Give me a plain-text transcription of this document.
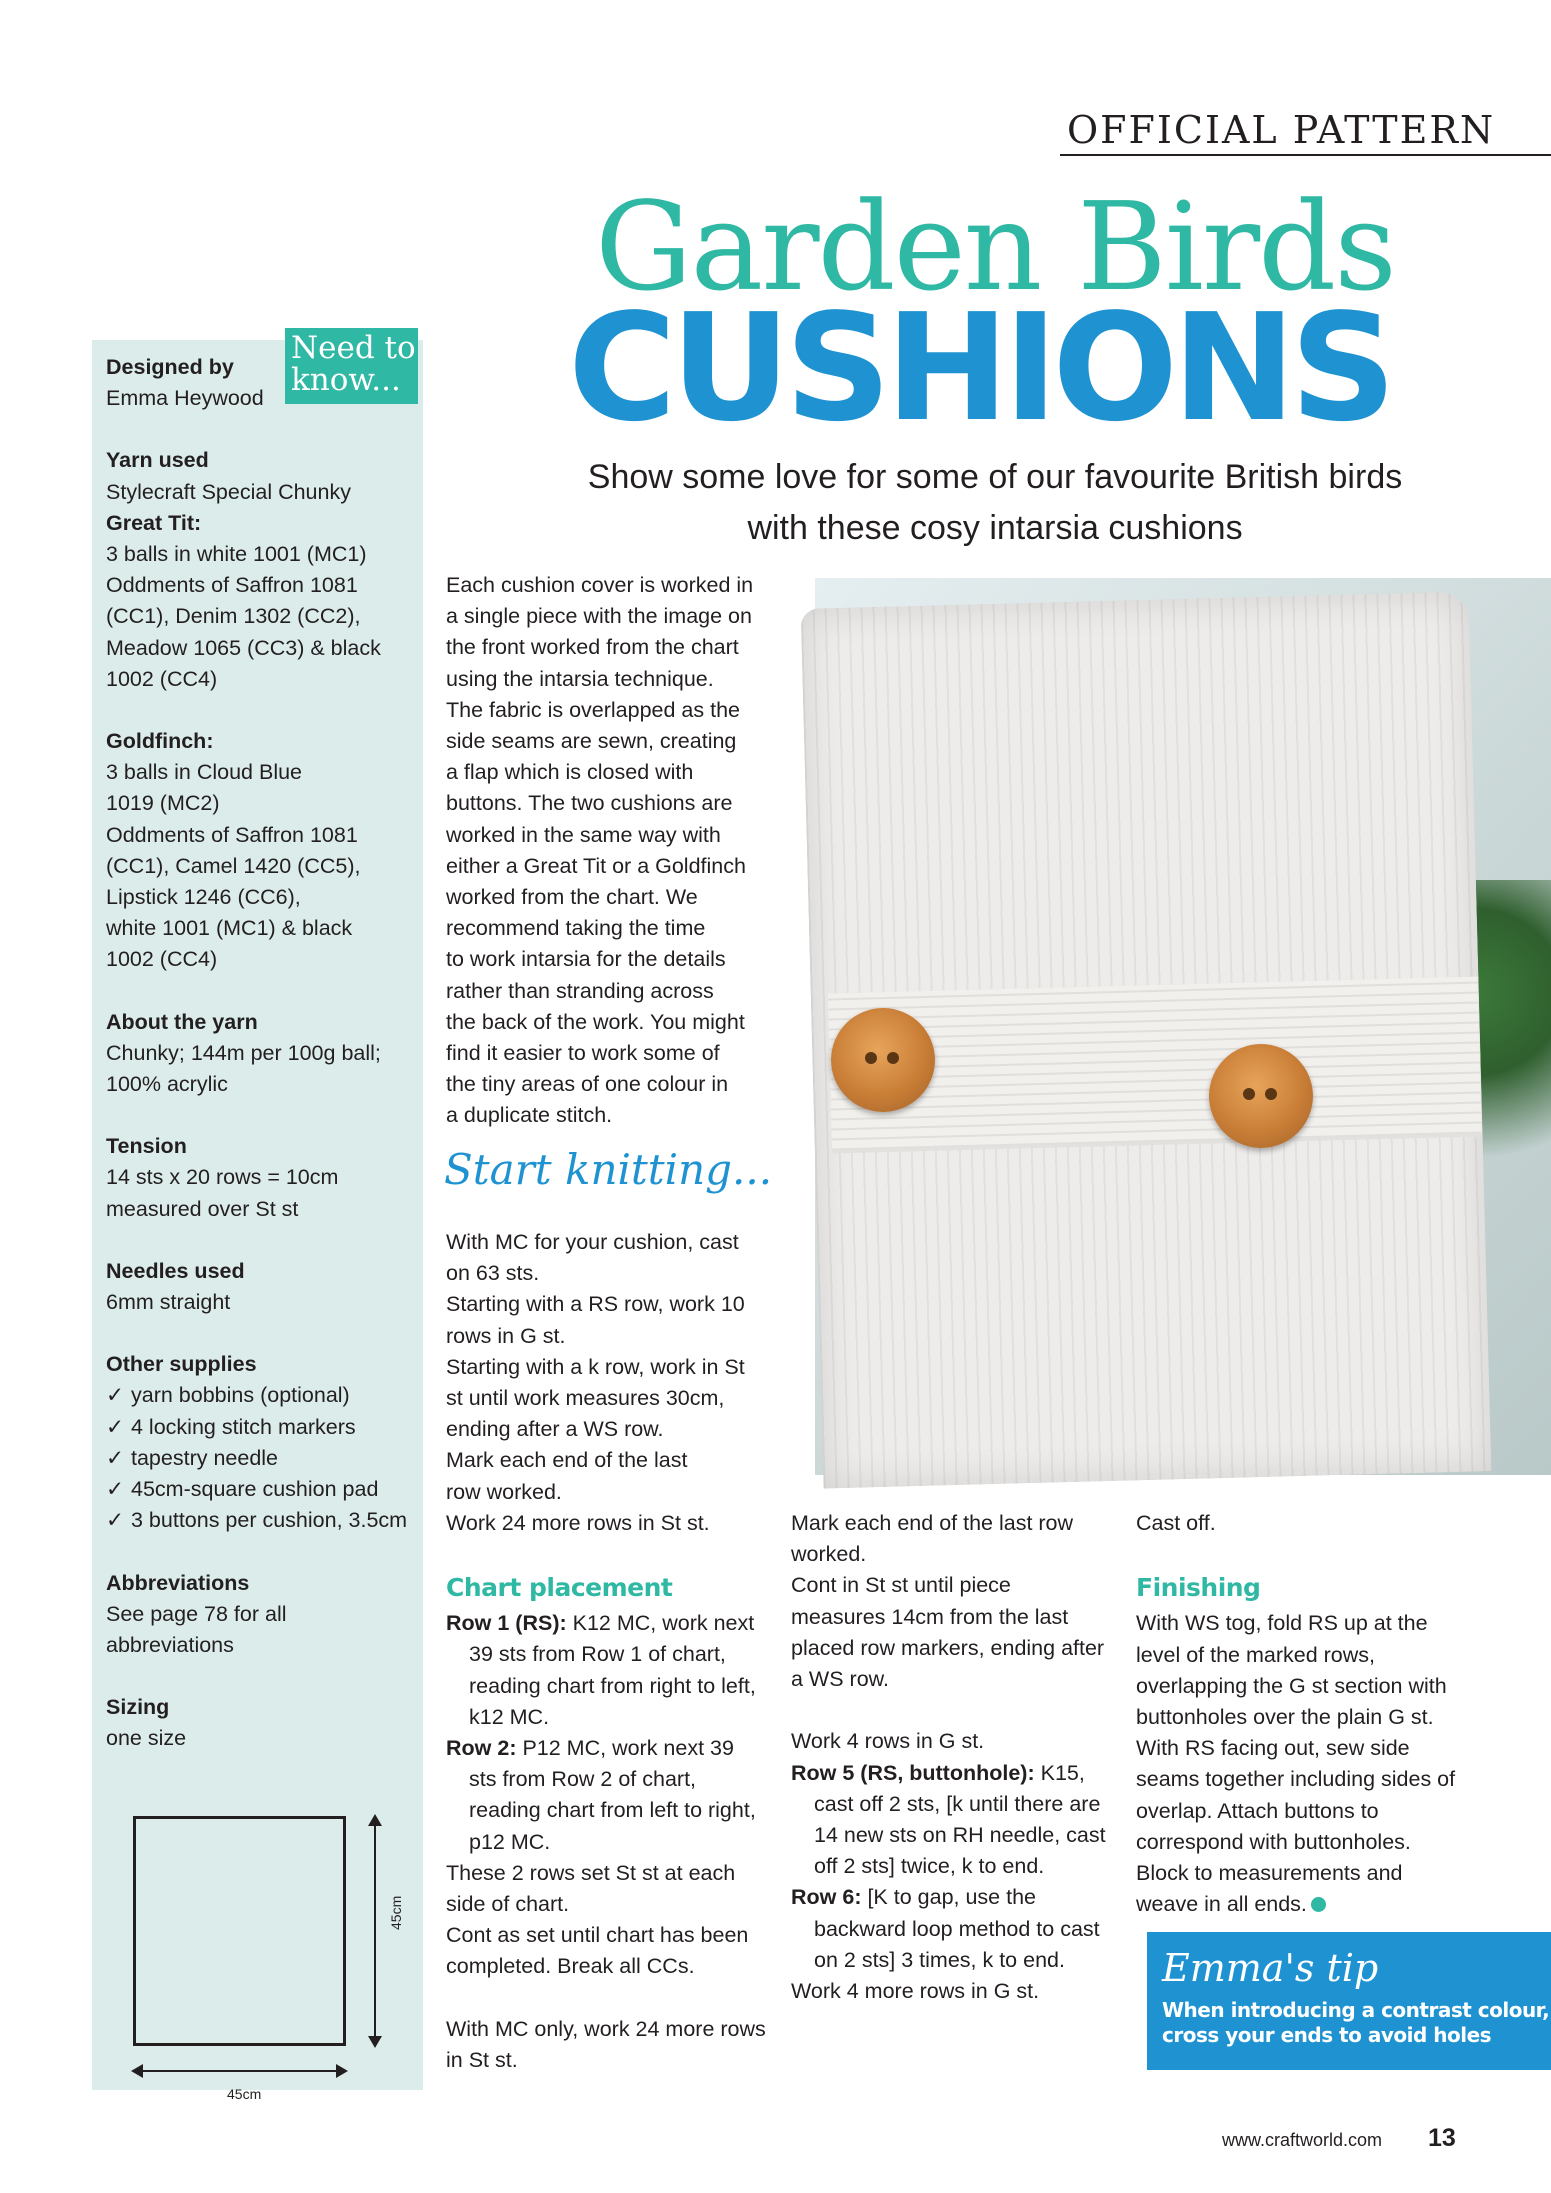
OFFICIAL PATTERN
Garden Birds
CUSHIONS
Show some love for some of our favourite British birds
with these cosy intarsia cushions
Designed by
Emma Heywood
Yarn used
Stylecraft Special Chunky
Great Tit:
3 balls in white 1001 (MC1)
Oddments of Saffron 1081
(CC1), Denim 1302 (CC2),
Meadow 1065 (CC3) & black
1002 (CC4)
Goldfinch:
3 balls in Cloud Blue
1019 (MC2)
Oddments of Saffron 1081
(CC1), Camel 1420 (CC5),
Lipstick 1246 (CC6),
white 1001 (MC1) & black
1002 (CC4)
About the yarn
Chunky; 144m per 100g ball;
100% acrylic
Tension
14 sts x 20 rows = 10cm
measured over St st
Needles used
6mm straight
Other supplies
✓ yarn bobbins (optional)
✓ 4 locking stitch markers
✓ tapestry needle
✓ 45cm-square cushion pad
✓ 3 buttons per cushion, 3.5cm
Abbreviations
See page 78 for all
abbreviations
Sizing
one size
Need to
know...
45cm
45cm
Each cushion cover is worked in
a single piece with the image on
the front worked from the chart
using the intarsia technique.
The fabric is overlapped as the
side seams are sewn, creating
a flap which is closed with
buttons. The two cushions are
worked in the same way with
either a Great Tit or a Goldfinch
worked from the chart. We
recommend taking the time
to work intarsia for the details
rather than stranding across
the back of the work. You might
find it easier to work some of
the tiny areas of one colour in
a duplicate stitch.
Start knitting...
With MC for your cushion, cast
on 63 sts.
Starting with a RS row, work 10
rows in G st.
Starting with a k row, work in St
st until work measures 30cm,
ending after a WS row.
Mark each end of the last
row worked.
Work 24 more rows in St st.
Chart placement
Row 1 (RS): K12 MC, work next 39 sts from Row 1 of chart, reading chart from right to left, k12 MC.
Row 2: P12 MC, work next 39 sts from Row 2 of chart, reading chart from left to right, p12 MC.
These 2 rows set St st at each side of chart.
Cont as set until chart has been completed. Break all CCs.
With MC only, work 24 more rows in St st.
Mark each end of the last row worked.
Cont in St st until piece measures 14cm from the last placed row markers, ending after a WS row.
Work 4 rows in G st.
Row 5 (RS, buttonhole): K15, cast off 2 sts, [k until there are 14 new sts on RH needle, cast off 2 sts] twice, k to end.
Row 6: [K to gap, use the backward loop method to cast on 2 sts] 3 times, k to end.
Work 4 more rows in G st.
Cast off.
Finishing
With WS tog, fold RS up at the level of the marked rows, overlapping the G st section with buttonholes over the plain G st. With RS facing out, sew side seams together including sides of overlap. Attach buttons to correspond with buttonholes. Block to measurements and weave in all ends.
Emma's tip
When introducing a contrast colour,
cross your ends to avoid holes
www.craftworld.com 13
